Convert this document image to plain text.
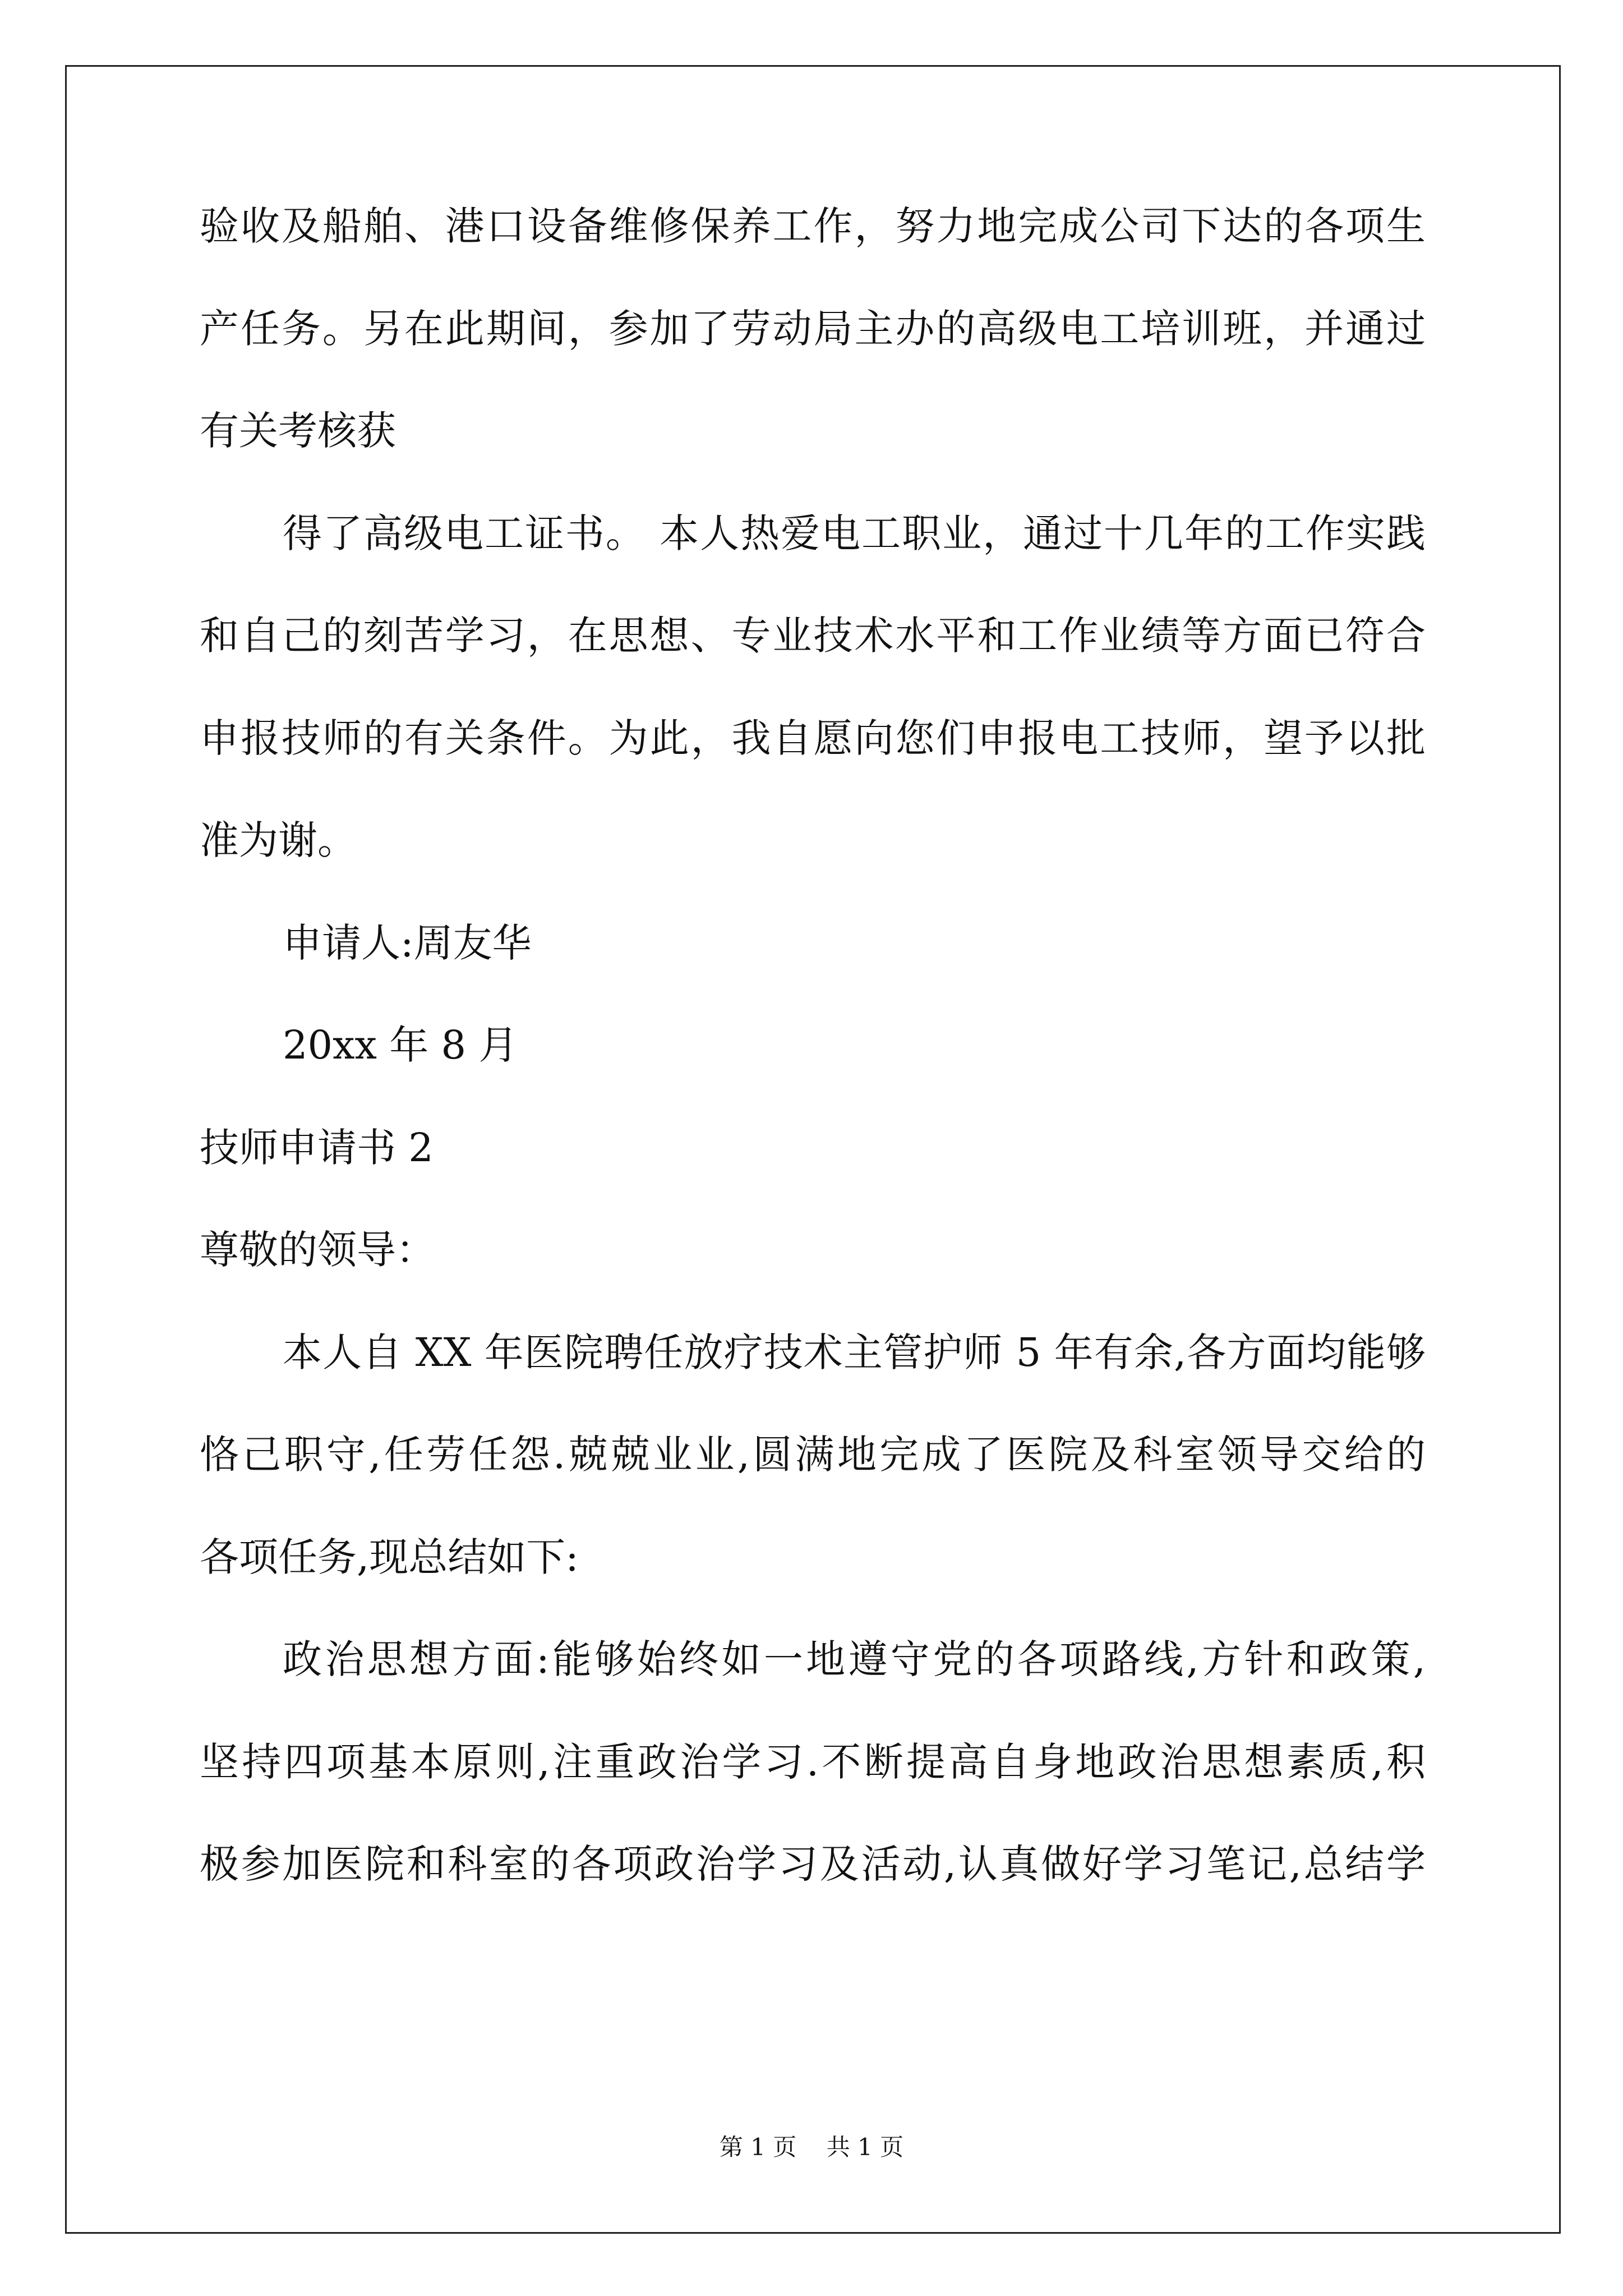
验收及船舶、港口设备维修保养工作，努力地完成公司下达的各项生
产任务。另在此期间，参加了劳动局主办的高级电工培训班，并通过
有关考核获
得了高级电工证书。 本人热爱电工职业，通过十几年的工作实践
和自己的刻苦学习，在思想、专业技术水平和工作业绩等方面已符合
申报技师的有关条件。为此，我自愿向您们申报电工技师，望予以批
准为谢。
申请人:周友华
20xx 年 8 月
技师申请书 2
尊敬的领导：
本人自 XX 年医院聘任放疗技术主管护师 5 年有余,各方面均能够
恪己职守,任劳任怨.兢兢业业,圆满地完成了医院及科室领导交给的
各项任务,现总结如下:
政治思想方面:能够始终如一地遵守党的各项路线,方针和政策,
坚持四项基本原则,注重政治学习.不断提高自身地政治思想素质,积
极参加医院和科室的各项政治学习及活动,认真做好学习笔记,总结学
第 1 页    共 1 页
